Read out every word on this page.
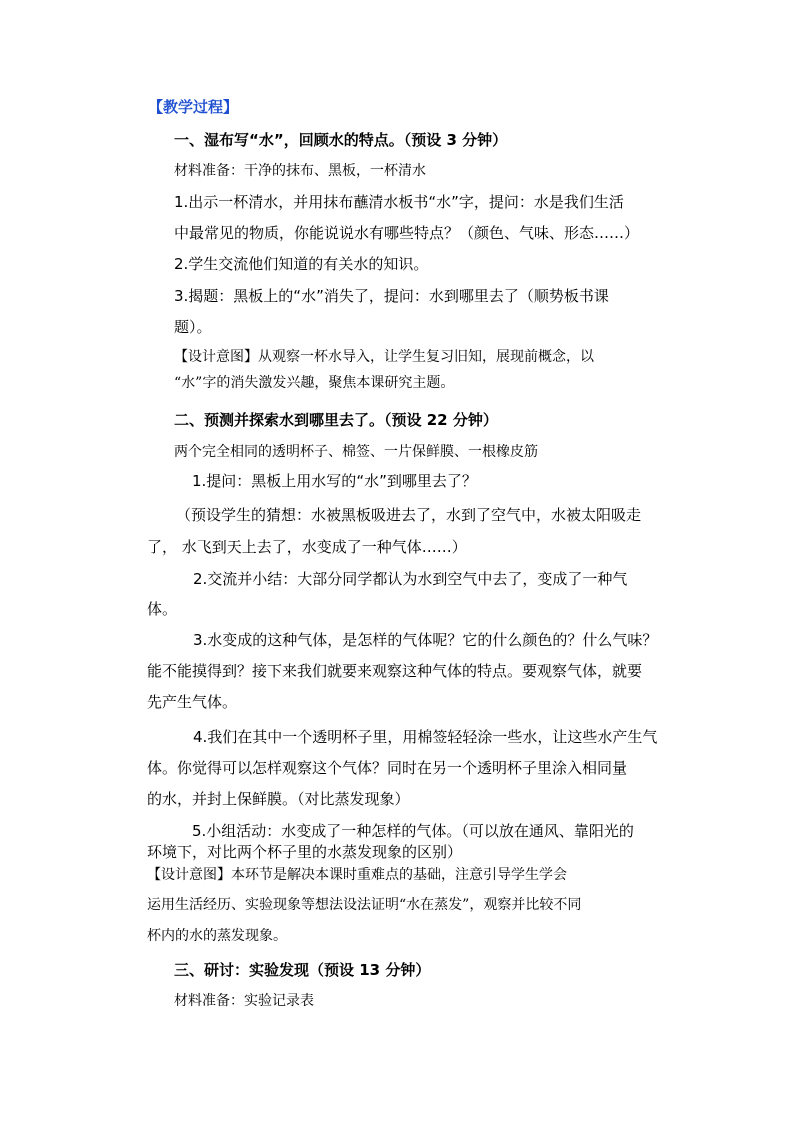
【教学过程】
一、湿布写“水”，回顾水的特点。（预设 3 分钟）
材料准备：干净的抹布、黑板，一杯清水
1.出示一杯清水，并用抹布蘸清水板书“水”字，提问：水是我们生活
中最常见的物质，你能说说水有哪些特点？（颜色、气味、形态……）
2.学生交流他们知道的有关水的知识。
3.揭题：黑板上的“水”消失了，提问：水到哪里去了（顺势板书课
题）。
【设计意图】从观察一杯水导入，让学生复习旧知，展现前概念，以
“水”字的消失激发兴趣，聚焦本课研究主题。
二、预测并探索水到哪里去了。（预设 22 分钟）
两个完全相同的透明杯子、棉签、一片保鲜膜、一根橡皮筋
1.提问：黑板上用水写的“水”到哪里去了？
（预设学生的猜想：水被黑板吸进去了，水到了空气中，水被太阳吸走
了， 水飞到天上去了，水变成了一种气体……）
2.交流并小结：大部分同学都认为水到空气中去了，变成了一种气
体。
3.水变成的这种气体，是怎样的气体呢？它的什么颜色的？什么气味？
能不能摸得到？接下来我们就要来观察这种气体的特点。要观察气体，就要
先产生气体。
4.我们在其中一个透明杯子里，用棉签轻轻涂一些水，让这些水产生气
体。你觉得可以怎样观察这个气体？同时在另一个透明杯子里涂入相同量
的水，并封上保鲜膜。（对比蒸发现象）
5.小组活动：水变成了一种怎样的气体。（可以放在通风、靠阳光的
环境下，对比两个杯子里的水蒸发现象的区别）
【设计意图】本环节是解决本课时重难点的基础，注意引导学生学会
运用生活经历、实验现象等想法设法证明“水在蒸发”，观察并比较不同
杯内的水的蒸发现象。
三、研讨：实验发现（预设 13 分钟）
材料准备：实验记录表
